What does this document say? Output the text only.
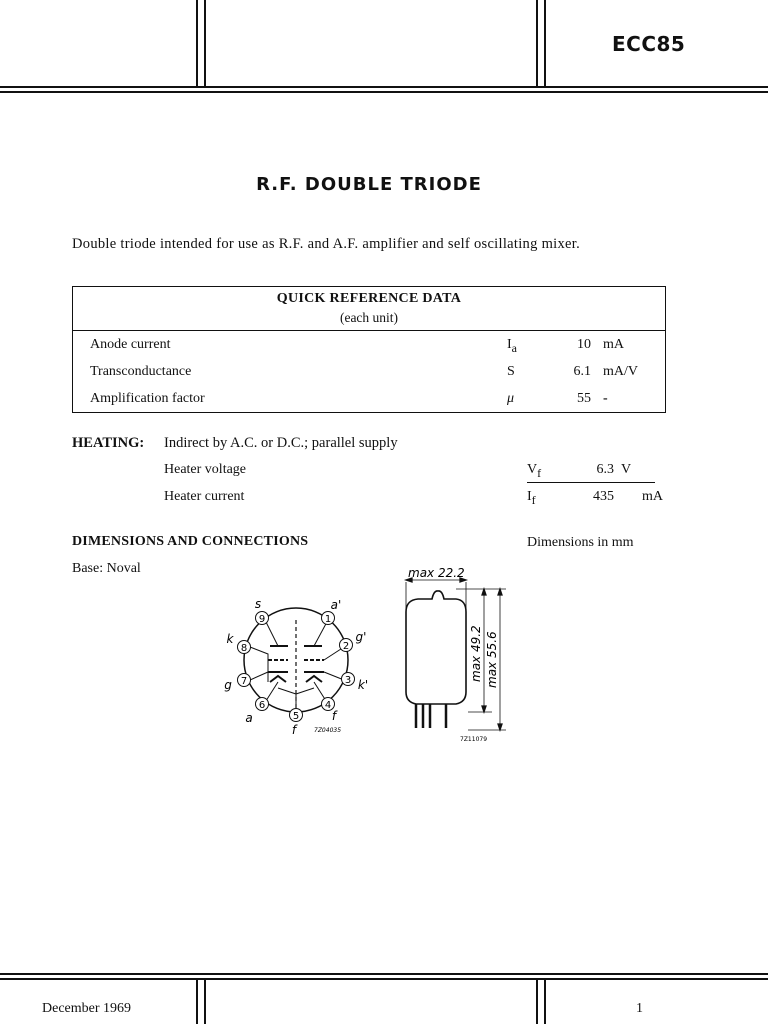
ECC85
R.F. DOUBLE TRIODE
Double triode intended for use as R.F. and A.F. amplifier and self oscillating mixer.
QUICK REFERENCE DATA
(each unit)
Anode current	$I_a$	10 mA
Transconductance	S	6.1 mA/V
Amplification factor	μ	55 -
HEATING: Indirect by A.C. or D.C.; parallel supply
Heater voltage	$V_f$	6.3 V
Heater current	$I_f$	435 mA
DIMENSIONS AND CONNECTIONS	Dimensions in mm
Base: Noval
9	1
2
8
7	3
6	4
5
s	a'
g'
k
g	k'
a	f
f	7Z04035
max 22.2
max 49.2 max 55.6
7Z11079
December 1969	1
